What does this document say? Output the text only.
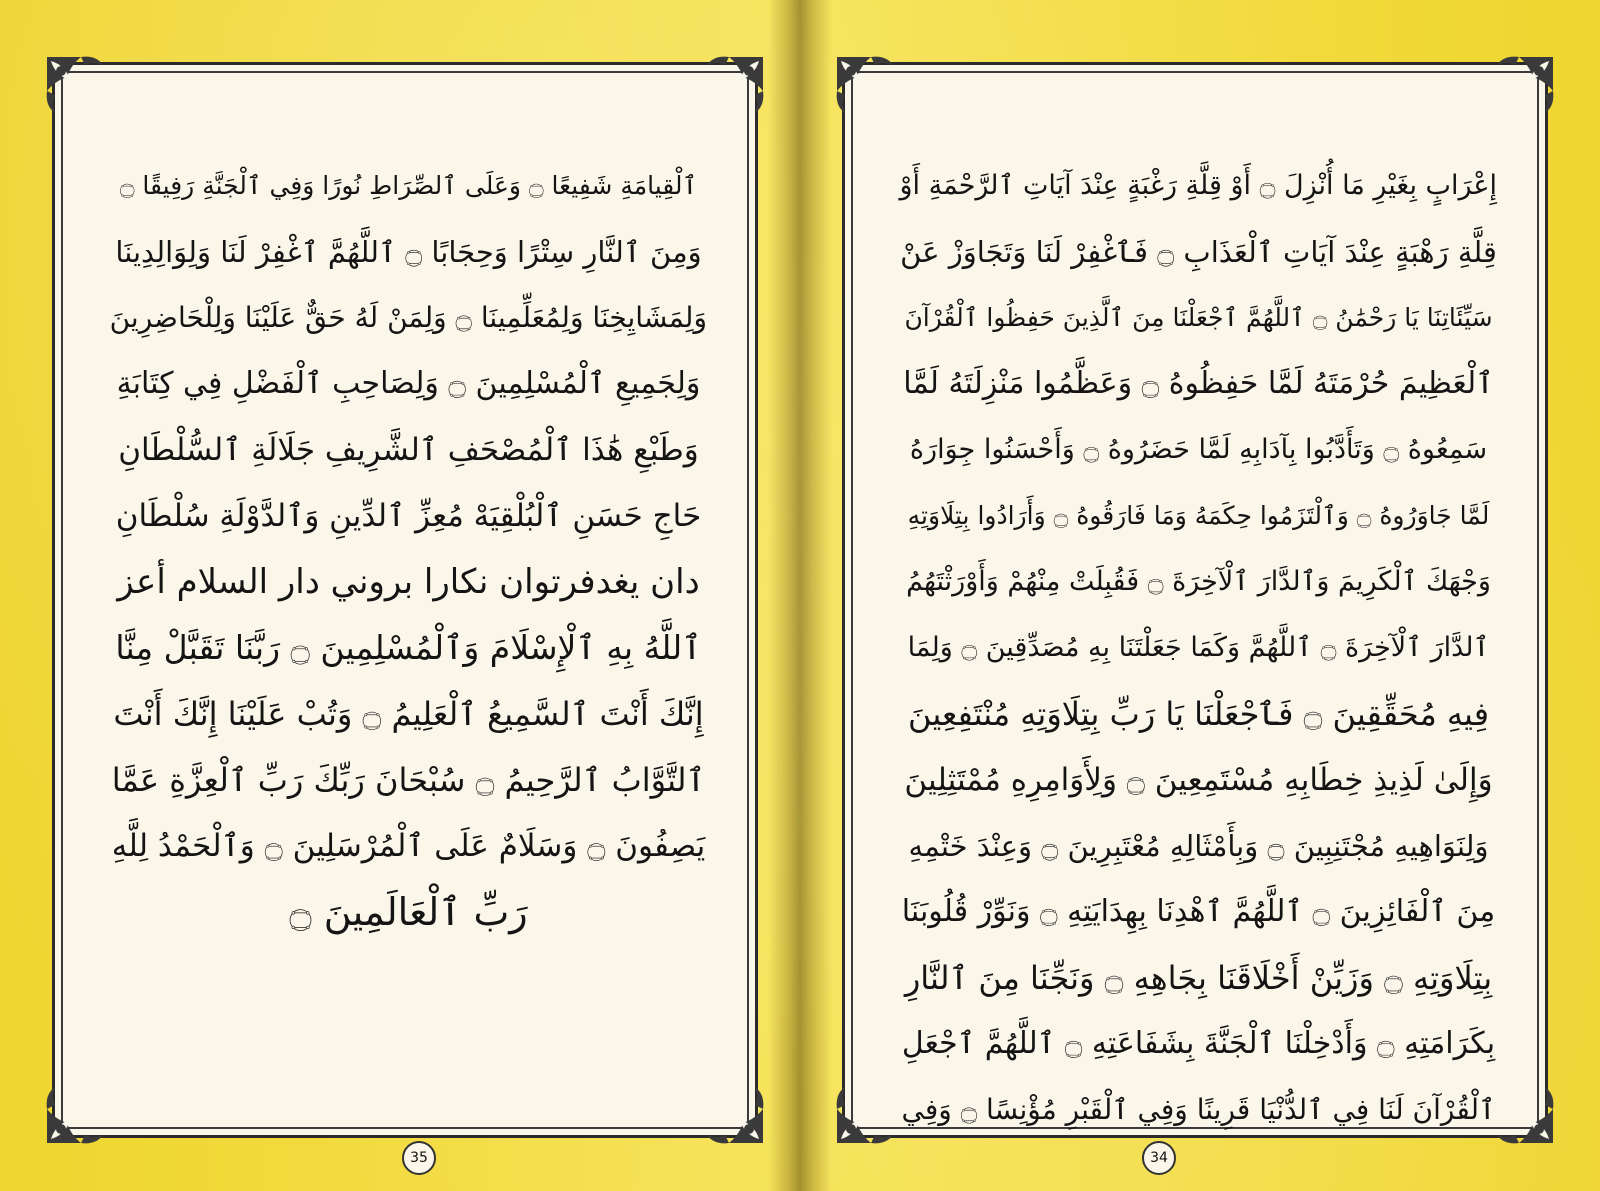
ٱلْقِيامَةِ شَفِيعًا ۝ وَعَلَى ٱلصِّرَاطِ نُورًا وَفِي ٱلْجَنَّةِ رَفِيقًا ۝
وَمِنَ ٱلنَّارِ سِتْرًا وَحِجَابًا ۝ ٱللَّهُمَّ ٱغْفِرْ لَنَا وَلِوَالِدِينَا
وَلِمَشَايِخِنَا وَلِمُعَلِّمِينَا ۝ وَلِمَنْ لَهُ حَقٌّ عَلَيْنَا وَلِلْحَاضِرِينَ
وَلِجَمِيعِ ٱلْمُسْلِمِينَ ۝ وَلِصَاحِبِ ٱلْفَضْلِ فِي كِتَابَةِ
وَطَبْعِ هَٰذَا ٱلْمُصْحَفِ ٱلشَّرِيفِ جَلَالَةِ ٱلسُّلْطَانِ
حَاجِ حَسَنِ ٱلْبُلْقِيَهْ مُعِزِّ ٱلدِّينِ وَٱلدَّوْلَةِ سُلْطَانِ
دان يغدفرتوان نكارا بروني دار السلام أعز
ٱللَّهُ بِهِ ٱلْإِسْلَامَ وَٱلْمُسْلِمِينَ ۝ رَبَّنَا تَقَبَّلْ مِنَّا
إِنَّكَ أَنْتَ ٱلسَّمِيعُ ٱلْعَلِيمُ ۝ وَتُبْ عَلَيْنَا إِنَّكَ أَنْتَ
ٱلتَّوَّابُ ٱلرَّحِيمُ ۝ سُبْحَانَ رَبِّكَ رَبِّ ٱلْعِزَّةِ عَمَّا
يَصِفُونَ ۝ وَسَلَامٌ عَلَى ٱلْمُرْسَلِينَ ۝ وَٱلْحَمْدُ لِلَّهِ
رَبِّ ٱلْعَالَمِينَ ۝
35
إِعْرَابٍ بِغَيْرِ مَا أُنْزِلَ ۝ أَوْ قِلَّةِ رَغْبَةٍ عِنْدَ آيَاتِ ٱلرَّحْمَةِ أَوْ
قِلَّةِ رَهْبَةٍ عِنْدَ آيَاتِ ٱلْعَذَابِ ۝ فَٱغْفِرْ لَنَا وَتَجَاوَزْ عَنْ
سَيِّئَاتِنَا يَا رَحْمَٰنُ ۝ ٱللَّهُمَّ ٱجْعَلْنَا مِنَ ٱلَّذِينَ حَفِظُوا ٱلْقُرْآنَ
ٱلْعَظِيمَ حُرْمَتَهُ لَمَّا حَفِظُوهُ ۝ وَعَظَّمُوا مَنْزِلَتَهُ لَمَّا
سَمِعُوهُ ۝ وَتَأَدَّبُوا بِآدَابِهِ لَمَّا حَضَرُوهُ ۝ وَأَحْسَنُوا جِوَارَهُ
لَمَّا جَاوَرُوهُ ۝ وَٱلْتَزَمُوا حِكَمَهُ وَمَا فَارَقُوهُ ۝ وَأَرَادُوا بِتِلَاوَتِهِ
وَجْهَكَ ٱلْكَرِيمَ وَٱلدَّارَ ٱلْآخِرَةَ ۝ فَقُبِلَتْ مِنْهُمْ وَأَوْرَثْتَهُمُ
ٱلدَّارَ ٱلْآخِرَةَ ۝ ٱللَّهُمَّ وَكَمَا جَعَلْتَنَا بِهِ مُصَدِّقِينَ ۝ وَلِمَا
فِيهِ مُحَقِّقِينَ ۝ فَٱجْعَلْنَا يَا رَبِّ بِتِلَاوَتِهِ مُنْتَفِعِينَ
وَإِلَىٰ لَذِيذِ خِطَابِهِ مُسْتَمِعِينَ ۝ وَلِأَوَامِرِهِ مُمْتَثِلِينَ
وَلِنَوَاهِيهِ مُجْتَنِبِينَ ۝ وَبِأَمْثَالِهِ مُعْتَبِرِينَ ۝ وَعِنْدَ خَتْمِهِ
مِنَ ٱلْفَائِزِينَ ۝ ٱللَّهُمَّ ٱهْدِنَا بِهِدَايَتِهِ ۝ وَنَوِّرْ قُلُوبَنَا
بِتِلَاوَتِهِ ۝ وَزَيِّنْ أَخْلَاقَنَا بِجَاهِهِ ۝ وَنَجِّنَا مِنَ ٱلنَّارِ
بِكَرَامَتِهِ ۝ وَأَدْخِلْنَا ٱلْجَنَّةَ بِشَفَاعَتِهِ ۝ ٱللَّهُمَّ ٱجْعَلِ
ٱلْقُرْآنَ لَنَا فِي ٱلدُّنْيَا قَرِينًا وَفِي ٱلْقَبْرِ مُؤْنِسًا ۝ وَفِي
34
